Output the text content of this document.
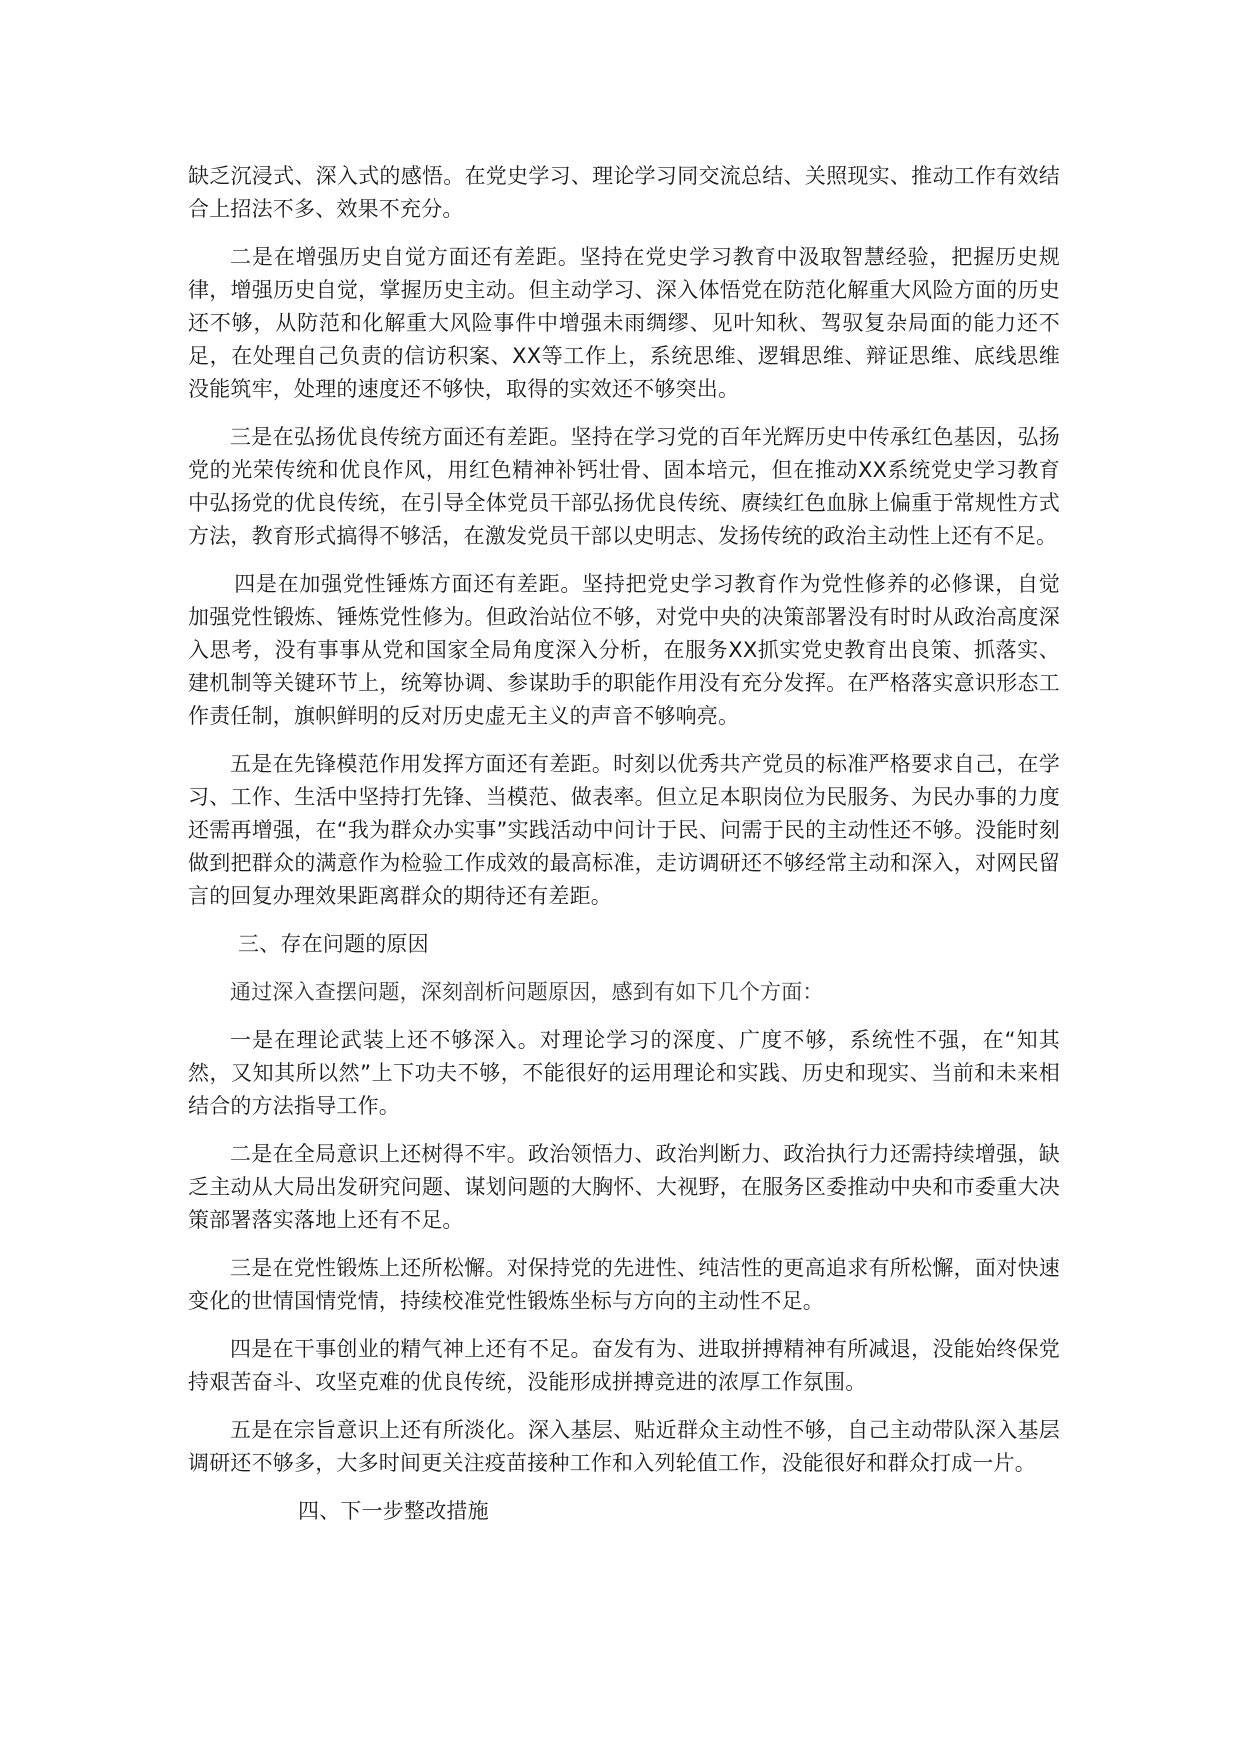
缺乏沉浸式、深入式的感悟。在党史学习、理论学习同交流总结、关照现实、推动工作有效结合上招法不多、效果不充分。

二是在增强历史自觉方面还有差距。坚持在党史学习教育中汲取智慧经验，把握历史规律，增强历史自觉，掌握历史主动。但主动学习、深入体悟党在防范化解重大风险方面的历史还不够，从防范和化解重大风险事件中增强未雨绸缪、见叶知秋、驾驭复杂局面的能力还不足，在处理自己负责的信访积案、XX等工作上，系统思维、逻辑思维、辩证思维、底线思维没能筑牢，处理的速度还不够快，取得的实效还不够突出。

三是在弘扬优良传统方面还有差距。坚持在学习党的百年光辉历史中传承红色基因，弘扬党的光荣传统和优良作风，用红色精神补钙壮骨、固本培元，但在推动XX系统党史学习教育中弘扬党的优良传统，在引导全体党员干部弘扬优良传统、赓续红色血脉上偏重于常规性方式方法，教育形式搞得不够活，在激发党员干部以史明志、发扬传统的政治主动性上还有不足。

四是在加强党性锤炼方面还有差距。坚持把党史学习教育作为党性修养的必修课，自觉加强党性锻炼、锤炼党性修为。但政治站位不够，对党中央的决策部署没有时时从政治高度深入思考，没有事事从党和国家全局角度深入分析，在服务XX抓实党史教育出良策、抓落实、建机制等关键环节上，统筹协调、参谋助手的职能作用没有充分发挥。在严格落实意识形态工作责任制，旗帜鲜明的反对历史虚无主义的声音不够响亮。

五是在先锋模范作用发挥方面还有差距。时刻以优秀共产党员的标准严格要求自己，在学习、工作、生活中坚持打先锋、当模范、做表率。但立足本职岗位为民服务、为民办事的力度还需再增强，在“我为群众办实事”实践活动中问计于民、问需于民的主动性还不够。没能时刻做到把群众的满意作为检验工作成效的最高标准，走访调研还不够经常主动和深入，对网民留言的回复办理效果距离群众的期待还有差距。

三、存在问题的原因

通过深入查摆问题，深刻剖析问题原因，感到有如下几个方面：

一是在理论武装上还不够深入。对理论学习的深度、广度不够，系统性不强，在“知其然，又知其所以然”上下功夫不够，不能很好的运用理论和实践、历史和现实、当前和未来相结合的方法指导工作。

二是在全局意识上还树得不牢。政治领悟力、政治判断力、政治执行力还需持续增强，缺乏主动从大局出发研究问题、谋划问题的大胸怀、大视野，在服务区委推动中央和市委重大决策部署落实落地上还有不足。

三是在党性锻炼上还所松懈。对保持党的先进性、纯洁性的更高追求有所松懈，面对快速变化的世情国情党情，持续校准党性锻炼坐标与方向的主动性不足。

四是在干事创业的精气神上还有不足。奋发有为、进取拼搏精神有所减退，没能始终保党持艰苦奋斗、攻坚克难的优良传统，没能形成拼搏竞进的浓厚工作氛围。

五是在宗旨意识上还有所淡化。深入基层、贴近群众主动性不够，自己主动带队深入基层调研还不够多，大多时间更关注疫苗接种工作和入列轮值工作，没能很好和群众打成一片。

四、下一步整改措施
